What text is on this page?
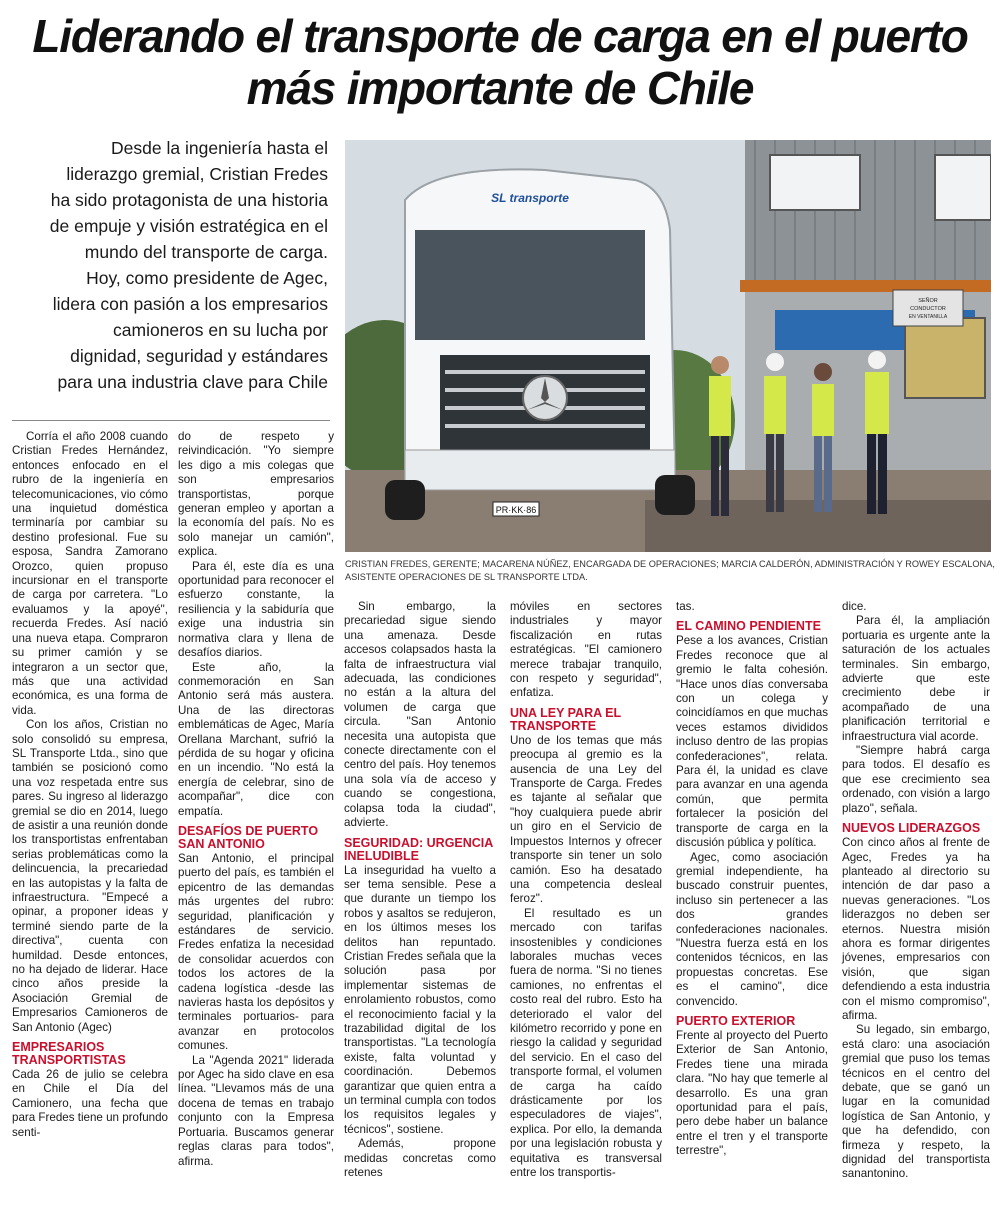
Liderando el transporte de carga en el puerto
más importante de Chile
Desde la ingeniería hasta el
liderazgo gremial, Cristian Fredes
ha sido protagonista de una historia
de empuje y visión estratégica en el
mundo del transporte de carga.
Hoy, como presidente de Agec,
lidera con pasión a los empresarios
camioneros en su lucha por
dignidad, seguridad y estándares
para una industria clave para Chile
SEÑOR
CONDUCTOR
EN VENTANILLA
PR·KK·86
SL transporte
CRISTIAN FREDES, GERENTE; MACARENA NÚÑEZ, ENCARGADA DE OPERACIONES; MARCIA CALDERÓN, ADMINISTRACIÓN Y ROWEY ESCALONA, ASISTENTE OPERACIONES DE SL TRANSPORTE LTDA.

Corría el año 2008 cuando Cristian Fredes Hernández, entonces enfocado en el rubro de la ingeniería en telecomunicaciones, vio cómo una inquietud doméstica terminaría por cambiar su destino profesional. Fue su esposa, Sandra Zamorano Orozco, quien propuso incursionar en el transporte de carga por carretera. "Lo evaluamos y la apoyé", recuerda Fredes. Así nació una nueva etapa. Compraron su primer camión y se integraron a un sector que, más que una actividad económica, es una forma de vida.

Con los años, Cristian no solo consolidó su empresa, SL Transporte Ltda., sino que también se posicionó como una voz respetada entre sus pares. Su ingreso al liderazgo gremial se dio en 2014, luego de asistir a una reunión donde los transportistas enfrentaban serias problemáticas como la delincuencia, la precariedad en las autopistas y la falta de infraestructura. "Empecé a opinar, a proponer ideas y terminé siendo parte de la directiva", cuenta con humildad. Desde entonces, no ha dejado de liderar. Hace cinco años preside la Asociación Gremial de Empresarios Camioneros de San Antonio (Agec)

EMPRESARIOS TRANSPORTISTAS

Cada 26 de julio se celebra en Chile el Día del Camionero, una fecha que para Fredes tiene un profundo senti-

do de respeto y reivindicación. "Yo siempre les digo a mis colegas que son empresarios transportistas, porque generan empleo y aportan a la economía del país. No es solo manejar un camión", explica.

Para él, este día es una oportunidad para reconocer el esfuerzo constante, la resiliencia y la sabiduría que exige una industria sin normativa clara y llena de desafíos diarios.

Este año, la conmemoración en San Antonio será más austera. Una de las directoras emblemáticas de Agec, María Orellana Marchant, sufrió la pérdida de su hogar y oficina en un incendio. "No está la energía de celebrar, sino de acompañar", dice con empatía.

DESAFÍOS DE PUERTO SAN ANTONIO

San Antonio, el principal puerto del país, es también el epicentro de las demandas más urgentes del rubro: seguridad, planificación y estándares de servicio. Fredes enfatiza la necesidad de consolidar acuerdos con todos los actores de la cadena logística -desde las navieras hasta los depósitos y terminales portuarios- para avanzar en protocolos comunes.

La "Agenda 2021" liderada por Agec ha sido clave en esa línea. "Llevamos más de una docena de temas en trabajo conjunto con la Empresa Portuaria. Buscamos generar reglas claras para todos", afirma.

Sin embargo, la precariedad sigue siendo una amenaza. Desde accesos colapsados hasta la falta de infraestructura vial adecuada, las condiciones no están a la altura del volumen de carga que circula. "San Antonio necesita una autopista que conecte directamente con el centro del país. Hoy tenemos una sola vía de acceso y cuando se congestiona, colapsa toda la ciudad", advierte.

SEGURIDAD: URGENCIA INELUDIBLE

La inseguridad ha vuelto a ser tema sensible. Pese a que durante un tiempo los robos y asaltos se redujeron, en los últimos meses los delitos han repuntado. Cristian Fredes señala que la solución pasa por implementar sistemas de enrolamiento robustos, como el reconocimiento facial y la trazabilidad digital de los transportistas. "La tecnología existe, falta voluntad y coordinación. Debemos garantizar que quien entra a un terminal cumpla con todos los requisitos legales y técnicos", sostiene.

Además, propone medidas concretas como retenes

móviles en sectores industriales y mayor fiscalización en rutas estratégicas. "El camionero merece trabajar tranquilo, con respeto y seguridad", enfatiza.

UNA LEY PARA EL TRANSPORTE

Uno de los temas que más preocupa al gremio es la ausencia de una Ley del Transporte de Carga. Fredes es tajante al señalar que "hoy cualquiera puede abrir un giro en el Servicio de Impuestos Internos y ofrecer transporte sin tener un solo camión. Eso ha desatado una competencia desleal feroz".

El resultado es un mercado con tarifas insostenibles y condiciones laborales muchas veces fuera de norma. "Si no tienes camiones, no enfrentas el costo real del rubro. Esto ha deteriorado el valor del kilómetro recorrido y pone en riesgo la calidad y seguridad del servicio. En el caso del transporte formal, el volumen de carga ha caído drásticamente por los especuladores de viajes", explica. Por ello, la demanda por una legislación robusta y equitativa es transversal entre los transportis-

tas.

EL CAMINO PENDIENTE

Pese a los avances, Cristian Fredes reconoce que al gremio le falta cohesión. "Hace unos días conversaba con un colega y coincidíamos en que muchas veces estamos divididos incluso dentro de las propias confederaciones", relata. Para él, la unidad es clave para avanzar en una agenda común, que permita fortalecer la posición del transporte de carga en la discusión pública y política.

Agec, como asociación gremial independiente, ha buscado construir puentes, incluso sin pertenecer a las dos grandes confederaciones nacionales. "Nuestra fuerza está en los contenidos técnicos, en las propuestas concretas. Ese es el camino", dice convencido.

PUERTO EXTERIOR

Frente al proyecto del Puerto Exterior de San Antonio, Fredes tiene una mirada clara. "No hay que temerle al desarrollo. Es una gran oportunidad para el país, pero debe haber un balance entre el tren y el transporte terrestre",

dice.

Para él, la ampliación portuaria es urgente ante la saturación de los actuales terminales. Sin embargo, advierte que este crecimiento debe ir acompañado de una planificación territorial e infraestructura vial acorde.

"Siempre habrá carga para todos. El desafío es que ese crecimiento sea ordenado, con visión a largo plazo", señala.

NUEVOS LIDERAZGOS

Con cinco años al frente de Agec, Fredes ya ha planteado al directorio su intención de dar paso a nuevas generaciones. "Los liderazgos no deben ser eternos. Nuestra misión ahora es formar dirigentes jóvenes, empresarios con visión, que sigan defendiendo a esta industria con el mismo compromiso", afirma.

Su legado, sin embargo, está claro: una asociación gremial que puso los temas técnicos en el centro del debate, que se ganó un lugar en la comunidad logística de San Antonio, y que ha defendido, con firmeza y respeto, la dignidad del transportista sanantonino.
